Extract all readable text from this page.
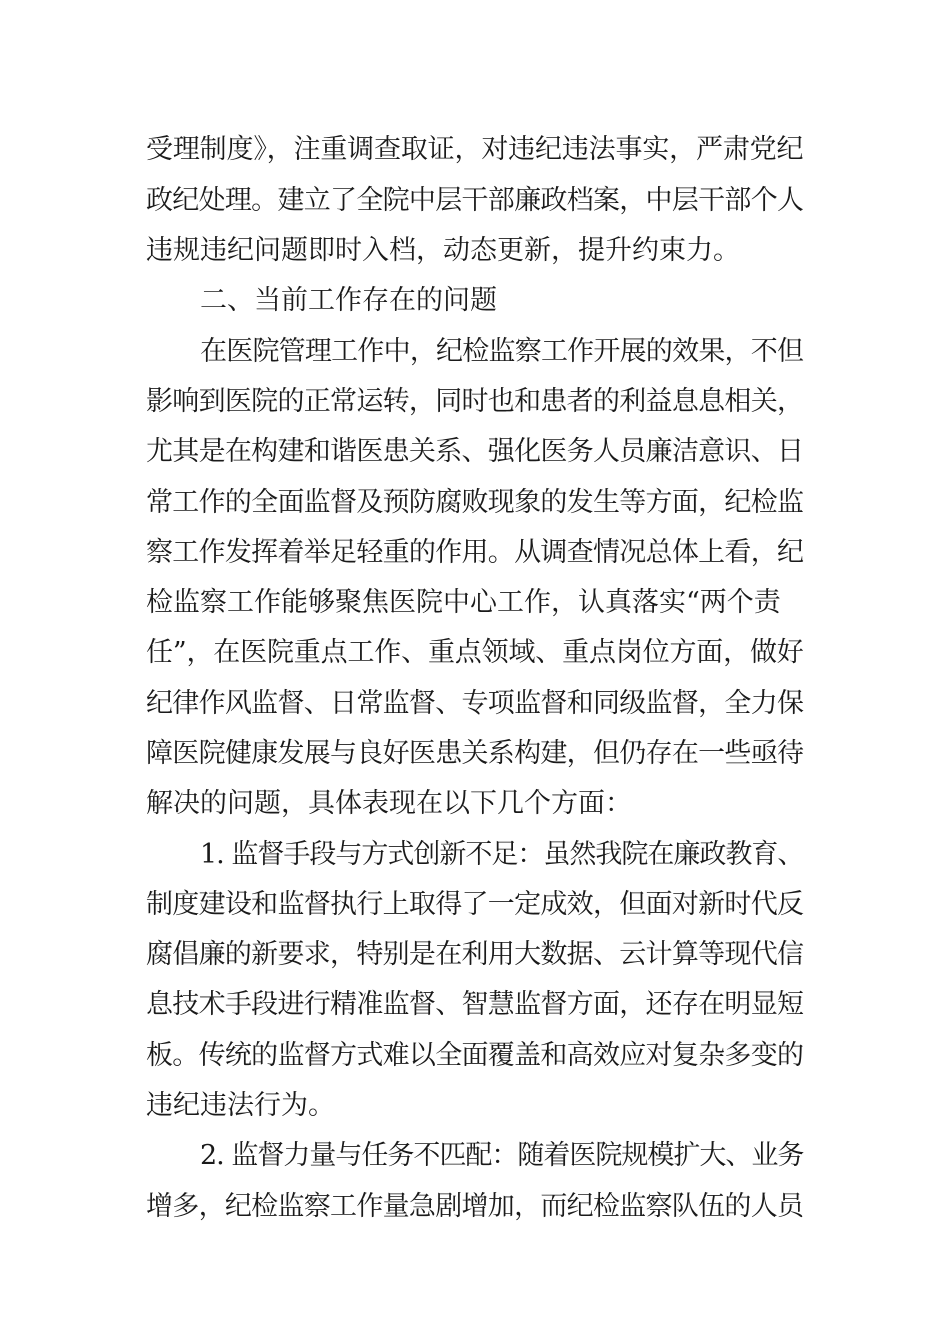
受理制度》，注重调查取证，对违纪违法事实，严肃党纪
政纪处理。建立了全院中层干部廉政档案，中层干部个人
违规违纪问题即时入档，动态更新，提升约束力。
二、当前工作存在的问题
在医院管理工作中，纪检监察工作开展的效果，不但
影响到医院的正常运转，同时也和患者的利益息息相关，
尤其是在构建和谐医患关系、强化医务人员廉洁意识、日
常工作的全面监督及预防腐败现象的发生等方面，纪检监
察工作发挥着举足轻重的作用。从调查情况总体上看，纪
检监察工作能够聚焦医院中心工作，认真落实“两个责
任”，在医院重点工作、重点领域、重点岗位方面，做好
纪律作风监督、日常监督、专项监督和同级监督，全力保
障医院健康发展与良好医患关系构建，但仍存在一些亟待
解决的问题，具体表现在以下几个方面：
1. 监督手段与方式创新不足：虽然我院在廉政教育、
制度建设和监督执行上取得了一定成效，但面对新时代反
腐倡廉的新要求，特别是在利用大数据、云计算等现代信
息技术手段进行精准监督、智慧监督方面，还存在明显短
板。传统的监督方式难以全面覆盖和高效应对复杂多变的
违纪违法行为。
2. 监督力量与任务不匹配：随着医院规模扩大、业务
增多，纪检监察工作量急剧增加，而纪检监察队伍的人员
